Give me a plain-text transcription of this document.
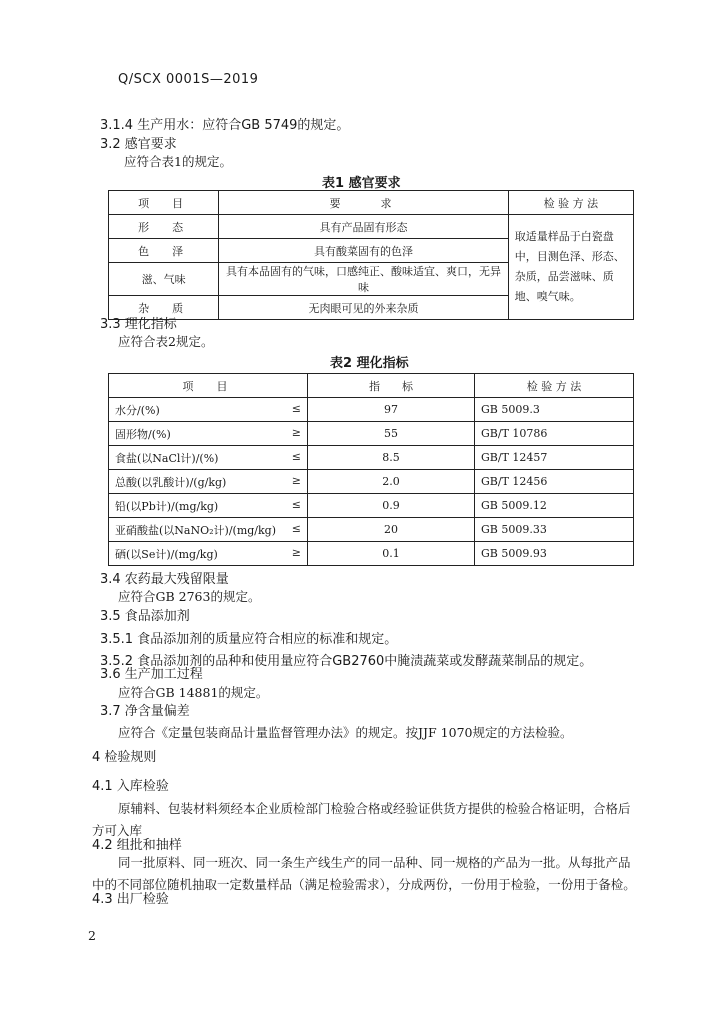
Q/SCX 0001S—2019
3.1.4 生产用水：应符合GB 5749的规定。
3.2 感官要求
应符合表1的规定。
表1 感官要求
项　目	要　　求	检 验 方 法
形　态	具有产品固有形态	取适量样品于白瓷盘中，目测色泽、形态、杂质，品尝滋味、质地、嗅气味。
色　泽	具有酸菜固有的色泽	
滋、气味	具有本品固有的气味，口感纯正、酸味适宜、爽口，无异味	
杂　质	无肉眼可见的外来杂质	
3.3 理化指标
应符合表2规定。
表2 理化指标
项　目	指　　标	检 验 方 法
水分/(%) ≤	97	GB 5009.3
固形物/(%) ≥	55	GB/T 10786
食盐(以NaCl计)/(%) ≤	8.5	GB/T 12457
总酸(以乳酸计)/(g/kg) ≥	2.0	GB/T 12456
铅(以Pb计)/(mg/kg) ≤	0.9	GB 5009.12
亚硝酸盐(以NaNO₂计)/(mg/kg) ≤	20	GB 5009.33
硒(以Se计)/(mg/kg) ≥	0.1	GB 5009.93
3.4 农药最大残留限量
应符合GB 2763的规定。
3.5 食品添加剂
3.5.1 食品添加剂的质量应符合相应的标准和规定。
3.5.2 食品添加剂的品种和使用量应符合GB2760中腌渍蔬菜或发酵蔬菜制品的规定。
3.6 生产加工过程
应符合GB 14881的规定。
3.7 净含量偏差
应符合《定量包装商品计量监督管理办法》的规定。按JJF 1070规定的方法检验。
4 检验规则
4.1 入库检验
原辅料、包装材料须经本企业质检部门检验合格或经验证供货方提供的检验合格证明，合格后方可入库
4.2 组批和抽样
同一批原料、同一班次、同一条生产线生产的同一品种、同一规格的产品为一批。从每批产品中的不同部位随机抽取一定数量样品（满足检验需求），分成两份，一份用于检验，一份用于备检。
4.3 出厂检验
2
